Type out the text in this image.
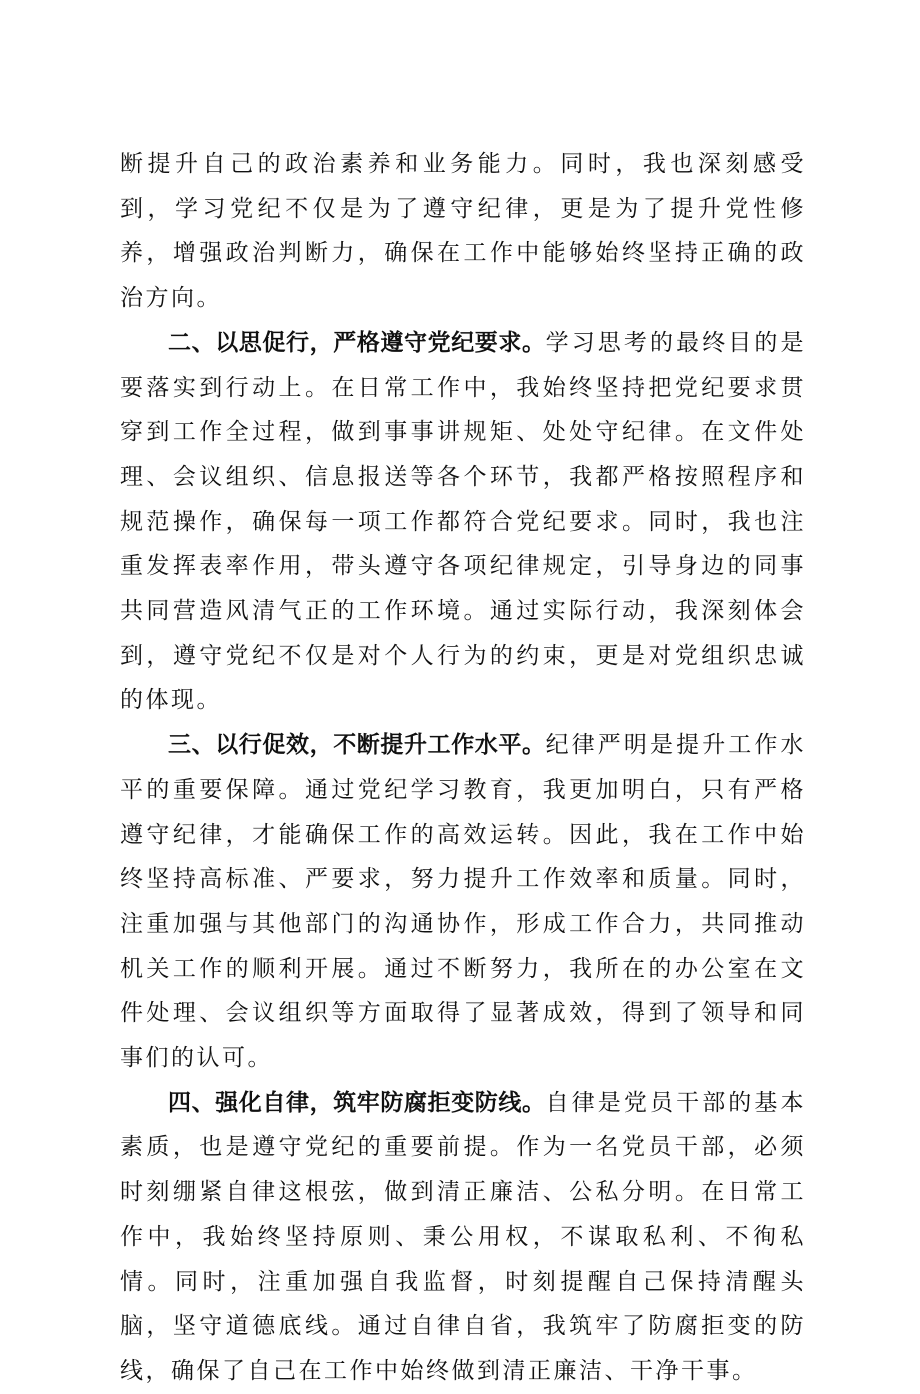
断提升自己的政治素养和业务能力。同时，我也深刻感受到，学习党纪不仅是为了遵守纪律，更是为了提升党性修养，增强政治判断力，确保在工作中能够始终坚持正确的政治方向。

二、以思促行，严格遵守党纪要求。学习思考的最终目的是要落实到行动上。在日常工作中，我始终坚持把党纪要求贯穿到工作全过程，做到事事讲规矩、处处守纪律。在文件处理、会议组织、信息报送等各个环节，我都严格按照程序和规范操作，确保每一项工作都符合党纪要求。同时，我也注重发挥表率作用，带头遵守各项纪律规定，引导身边的同事共同营造风清气正的工作环境。通过实际行动，我深刻体会到，遵守党纪不仅是对个人行为的约束，更是对党组织忠诚的体现。

三、以行促效，不断提升工作水平。纪律严明是提升工作水平的重要保障。通过党纪学习教育，我更加明白，只有严格遵守纪律，才能确保工作的高效运转。因此，我在工作中始终坚持高标准、严要求，努力提升工作效率和质量。同时，注重加强与其他部门的沟通协作，形成工作合力，共同推动机关工作的顺利开展。通过不断努力，我所在的办公室在文件处理、会议组织等方面取得了显著成效，得到了领导和同事们的认可。

四、强化自律，筑牢防腐拒变防线。自律是党员干部的基本素质，也是遵守党纪的重要前提。作为一名党员干部，必须时刻绷紧自律这根弦，做到清正廉洁、公私分明。在日常工作中，我始终坚持原则、秉公用权，不谋取私利、不徇私情。同时，注重加强自我监督，时刻提醒自己保持清醒头脑，坚守道德底线。通过自律自省，我筑牢了防腐拒变的防线，确保了自己在工作中始终做到清正廉洁、干净干事。
